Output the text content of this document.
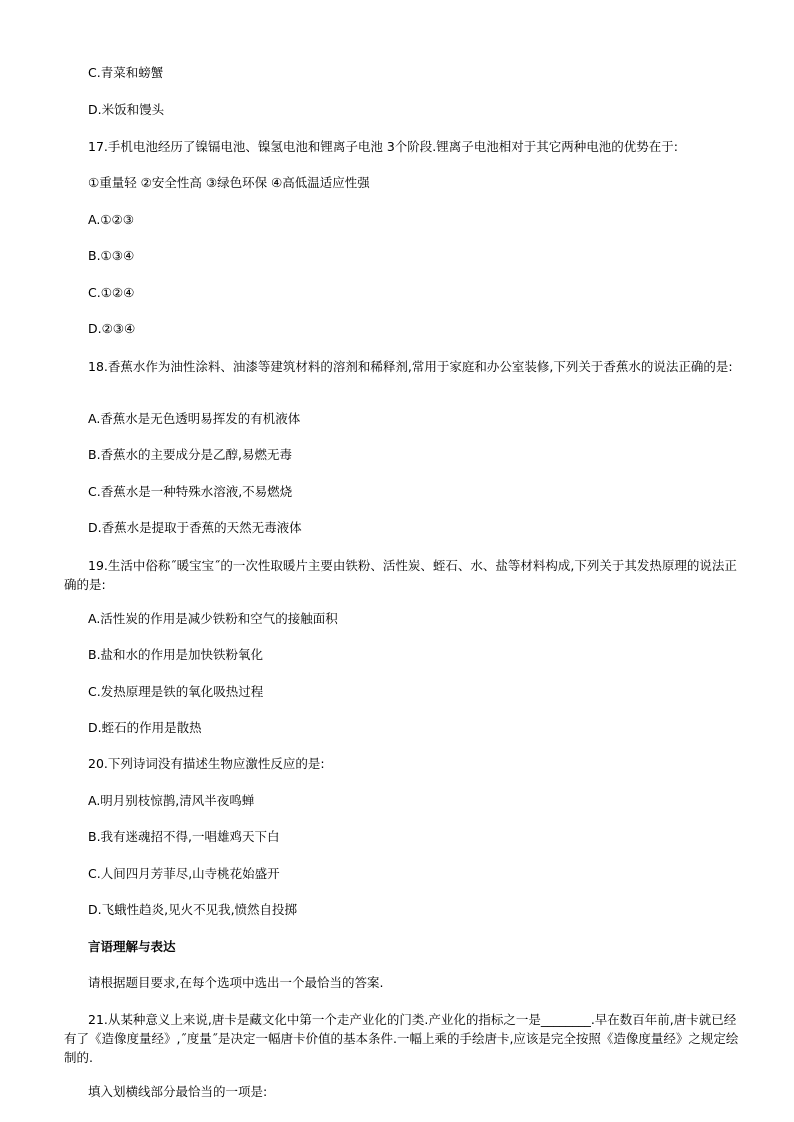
C.青菜和螃蟹
D.米饭和馒头
17.手机电池经历了镍镉电池、镍氢电池和锂离子电池 3个阶段.锂离子电池相对于其它两种电池的优势在于:
①重量轻 ②安全性高 ③绿色环保 ④高低温适应性强
A.①②③
B.①③④
C.①②④
D.②③④
18.香蕉水作为油性涂料、油漆等建筑材料的溶剂和稀释剂,常用于家庭和办公室装修,下列关于香蕉水的说法正确的是:
A.香蕉水是无色透明易挥发的有机液体
B.香蕉水的主要成分是乙醇,易燃无毒
C.香蕉水是一种特殊水溶液,不易燃烧
D.香蕉水是提取于香蕉的天然无毒液体
19.生活中俗称˝暖宝宝˝的一次性取暖片主要由铁粉、活性炭、蛭石、水、盐等材料构成,下列关于其发热原理的说法正确的是:
A.活性炭的作用是减少铁粉和空气的接触面积
B.盐和水的作用是加快铁粉氧化
C.发热原理是铁的氧化吸热过程
D.蛭石的作用是散热
20.下列诗词没有描述生物应激性反应的是:
A.明月别枝惊鹊,清风半夜鸣蝉
B.我有迷魂招不得,一唱雄鸡天下白
C.人间四月芳菲尽,山寺桃花始盛开
D.飞蛾性趋炎,见火不见我,愤然自投掷
言语理解与表达
请根据题目要求,在每个选项中选出一个最恰当的答案.
21.从某种意义上来说,唐卡是藏文化中第一个走产业化的门类.产业化的指标之一是________.早在数百年前,唐卡就已经有了《造像度量经》,˝度量˝是决定一幅唐卡价值的基本条件.一幅上乘的手绘唐卡,应该是完全按照《造像度量经》之规定绘制的.
填入划横线部分最恰当的一项是:
